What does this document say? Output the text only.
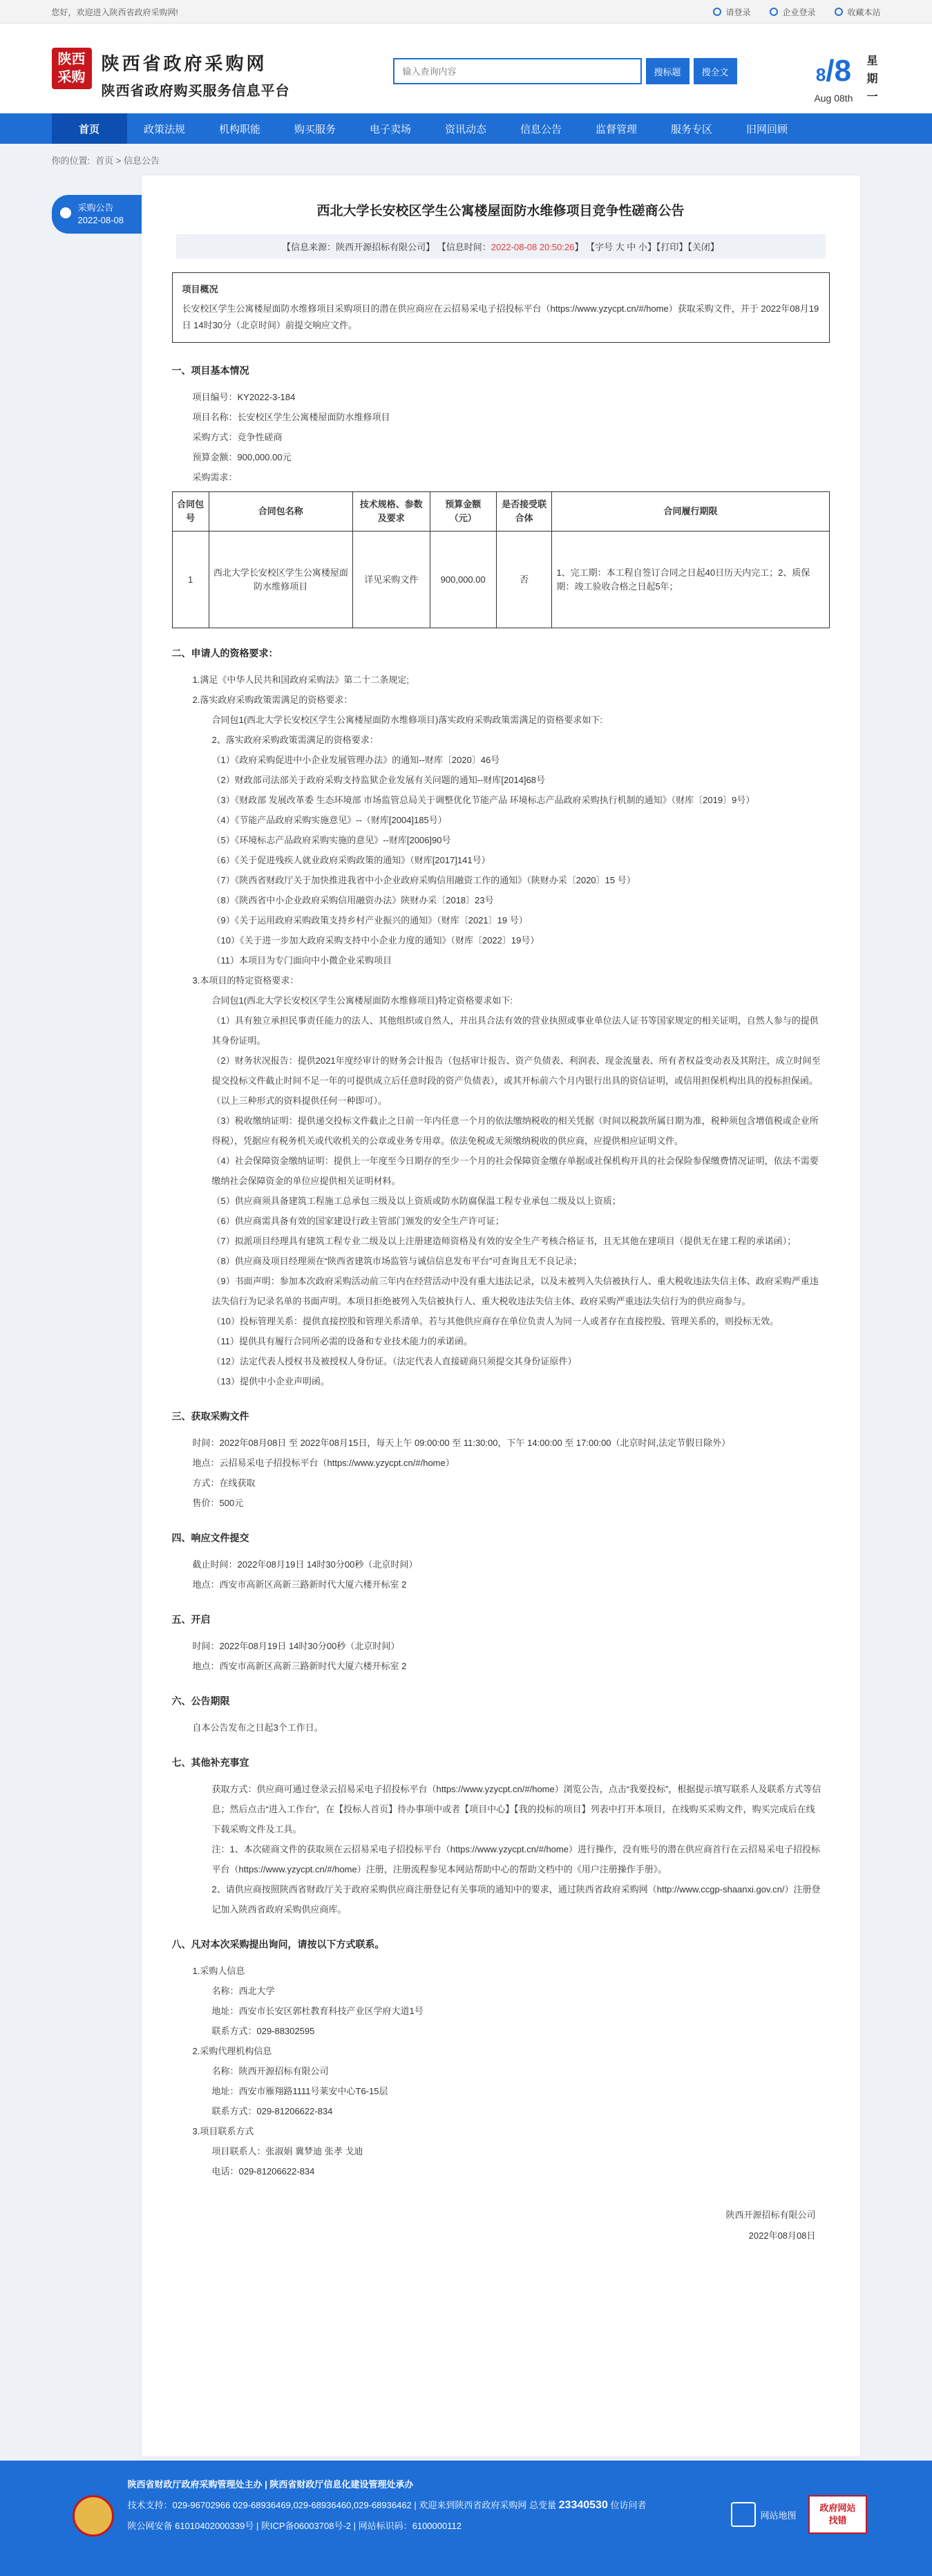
您好，欢迎进入陕西省政府采购网!	请登录	企业登录	收藏本站
陕西
采购
陕西省政府采购网
陕西省政府购买服务信息平台
输入查询内容
搜标题	搜全文	8/8
Aug 08th
星期一
首页	政策法规	机构职能	购买服务	电子卖场	资讯动态	信息公告	监督管理	服务专区	旧网回顾
你的位置: 首页 > 信息公告
采购公告
2022-08-08
西北大学长安校区学生公寓楼屋面防水维修项目竞争性磋商公告
【信息来源：陕西开源招标有限公司】 【信息时间：2022-08-08 20:50:26】 【字号 大 中 小】【打印】【关闭】
项目概况
长安校区学生公寓楼屋面防水维修项目采购项目的潜在供应商应在云招易采电子招投标平台（https://www.yzycpt.cn/#/home）获取采购文件，并于 2022年08月19日 14时30分（北京时间）前提交响应文件。
一、项目基本情况
项目编号：KY2022-3-184
项目名称：长安校区学生公寓楼屋面防水维修项目
采购方式：竞争性磋商
预算金额：900,000.00元
采购需求：
合同包号	合同包名称	技术规格、参数及要求	预算金额（元）	是否接受联合体	合同履行期限
1	西北大学长安校区学生公寓楼屋面防水维修项目	详见采购文件	900,000.00	否	1、完工期：本工程自签订合同之日起40日历天内完工；2、质保期：竣工验收合格之日起5年；
二、申请人的资格要求：
1.满足《中华人民共和国政府采购法》第二十二条规定;
2.落实政府采购政策需满足的资格要求：
合同包1(西北大学长安校区学生公寓楼屋面防水维修项目)落实政府采购政策需满足的资格要求如下:
2、落实政府采购政策需满足的资格要求：
（1）《政府采购促进中小企业发展管理办法》的通知--财库〔2020〕46号
（2）财政部司法部关于政府采购支持监狱企业发展有关问题的通知--财库[2014]68号
（3）《财政部 发展改革委 生态环境部 市场监管总局关于调整优化节能产品 环境标志产品政府采购执行机制的通知》（财库〔2019〕9号）
（4）《节能产品政府采购实施意见》--（财库[2004]185号）
（5）《环境标志产品政府采购实施的意见》--财库[2006]90号
（6）《关于促进残疾人就业政府采购政策的通知》（财库[2017]141号）
（7）《陕西省财政厅关于加快推进我省中小企业政府采购信用融资工作的通知》（陕财办采〔2020〕15 号）
（8）《陕西省中小企业政府采购信用融资办法》陕财办采〔2018〕23号
（9）《关于运用政府采购政策支持乡村产业振兴的通知》（财库〔2021〕19 号）
（10）《关于进一步加大政府采购支持中小企业力度的通知》（财库〔2022〕19号）
（11）本项目为专门面向中小微企业采购项目
3.本项目的特定资格要求：
合同包1(西北大学长安校区学生公寓楼屋面防水维修项目)特定资格要求如下:
（1）具有独立承担民事责任能力的法人、其他组织或自然人，并出具合法有效的营业执照或事业单位法人证书等国家规定的相关证明，自然人参与的提供其身份证明。
（2）财务状况报告：提供2021年度经审计的财务会计报告（包括审计报告、资产负债表、利润表、现金流量表、所有者权益变动表及其附注，成立时间至提交投标文件截止时间不足一年的可提供成立后任意时段的资产负债表），或其开标前六个月内银行出具的资信证明，或信用担保机构出具的投标担保函。（以上三种形式的资料提供任何一种即可）。
（3）税收缴纳证明：提供递交投标文件截止之日前一年内任意一个月的依法缴纳税收的相关凭据（时间以税款所属日期为准，税种须包含增值税或企业所得税），凭据应有税务机关或代收机关的公章或业务专用章。依法免税或无须缴纳税收的供应商，应提供相应证明文件。
（4）社会保障资金缴纳证明：提供上一年度至今日期存的至少一个月的社会保障资金缴存单据或社保机构开具的社会保险参保缴费情况证明，依法不需要缴纳社会保障资金的单位应提供相关证明材料。
（5）供应商须具备建筑工程施工总承包三级及以上资质或防水防腐保温工程专业承包二级及以上资质；
（6）供应商需具备有效的国家建设行政主管部门颁发的安全生产许可证；
（7）拟派项目经理具有建筑工程专业二级及以上注册建造师资格及有效的安全生产考核合格证书，且无其他在建项目（提供无在建工程的承诺函）；
（8）供应商及项目经理须在“陕西省建筑市场监管与诚信信息发布平台”可查询且无不良记录；
（9）书面声明：参加本次政府采购活动前三年内在经营活动中没有重大违法记录，以及未被列入失信被执行人、重大税收违法失信主体、政府采购严重违法失信行为记录名单的书面声明。本项目拒绝被列入失信被执行人、重大税收违法失信主体、政府采购严重违法失信行为的供应商参与。
（10）投标管理关系：提供直接控股和管理关系清单。若与其他供应商存在单位负责人为同一人或者存在直接控股、管理关系的，则投标无效。
（11）提供具有履行合同所必需的设备和专业技术能力的承诺函。
（12）法定代表人授权书及被授权人身份证。（法定代表人直接磋商只须提交其身份证原件）
（13）提供中小企业声明函。
三、获取采购文件
时间：2022年08月08日 至 2022年08月15日，每天上午 09:00:00 至 11:30:00，下午 14:00:00 至 17:00:00（北京时间,法定节假日除外）
地点：云招易采电子招投标平台（https://www.yzycpt.cn/#/home）
方式：在线获取
售价：500元
四、响应文件提交
截止时间：2022年08月19日 14时30分00秒（北京时间）
地点：西安市高新区高新三路新时代大厦六楼开标室 2
五、开启
时间：2022年08月19日 14时30分00秒（北京时间）
地点：西安市高新区高新三路新时代大厦六楼开标室 2
六、公告期限
自本公告发布之日起3个工作日。
七、其他补充事宜
获取方式：供应商可通过登录云招易采电子招投标平台（https://www.yzycpt.cn/#/home）浏览公告，点击“我要投标”，根据提示填写联系人及联系方式等信息；然后点击“进入工作台”，在【投标人首页】待办事项中或者【项目中心】【我的投标的项目】列表中打开本项目，在线购买采购文件，购买完成后在线下载采购文件及工具。
注：1、本次磋商文件的获取须在云招易采电子招投标平台（https://www.yzycpt.cn/#/home）进行操作，没有账号的潜在供应商首行在云招易采电子招投标平台（https://www.yzycpt.cn/#/home）注册，注册流程参见本网站帮助中心的帮助文档中的《用户注册操作手册》。
2、请供应商按照陕西省财政厅关于政府采购供应商注册登记有关事项的通知中的要求，通过陕西省政府采购网（http://www.ccgp-shaanxi.gov.cn/）注册登记加入陕西省政府采购供应商库。
八、凡对本次采购提出询问，请按以下方式联系。
1.采购人信息
名称：西北大学
地址：西安市长安区郭杜教育科技产业区学府大道1号
联系方式：029-88302595
2.采购代理机构信息
名称：陕西开源招标有限公司
地址：西安市雁翔路1111号莱安中心T6-15层
联系方式：029-81206622-834
3.项目联系方式
项目联系人：张淑娟 冀梦迪 张孝 戈迪
电话：029-81206622-834
陕西开源招标有限公司
2022年08月08日
陕西省财政厅政府采购管理处主办 | 陕西省财政厅信息化建设管理处承办
技术支持：029-96702966 029-68936469,029-68936460,029-68936462 | 欢迎来到陕西省政府采购网 总变量 23340530 位访问者
陕公网安备 61010402000339号 | 陕ICP备06003708号-2 | 网站标识码：6100000112
网站地图
政府网站
找错
